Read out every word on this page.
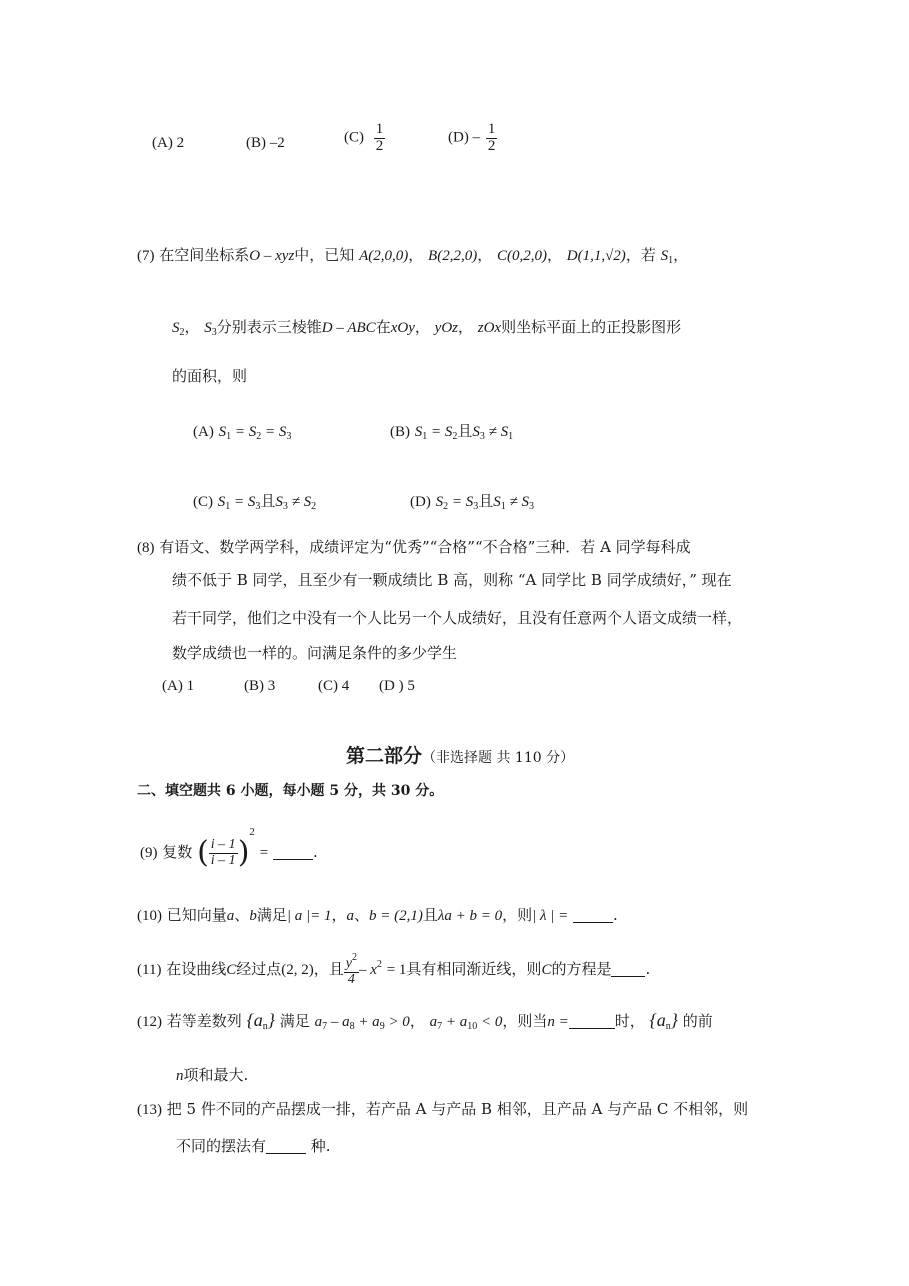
(A) 2	(B) –2	$(C) \frac{1}{2}$	$(D) - \frac{1}{2}$
(7) 在空间坐标系O – xyz中，已知 A(2,0,0)， B(2,2,0)， C(0,2,0)， D(1,1,√2)，若 $S_1$，
$S_2$， $S_3$分别表示三棱锥D – ABC在xOy， yOz， zOx则坐标平面上的正投影图形
的面积，则
(A) $S_1 = S_2 = S_3$	(B) $S_1 = S_2$且$S_3 \ne S_1$
(C) $S_1 = S_3$且$S_3 \ne S_2$	(D) $S_2 = S_3$且$S_1 \ne S_3$
(8) 有语文、数学两学科，成绩评定为“优秀”“合格”“不合格”三种．若 A 同学每科成
绩不低于 B 同学，且至少有一颗成绩比 B 高，则称 “A 同学比 B 同学成绩好，” 现在
若干同学，他们之中没有一个人比另一个人成绩好，且没有任意两个人语文成绩一样，
数学成绩也一样的。问满足条件的多少学生
(A) 1	(B) 3	(C) 4 (D ) 5
第二部分（非选择题 共 110 分）
二、填空题共 6 小题，每小题 5 分，共 30 分。
(9) 复数 ( $\frac{i - 1}{i - 1} )^2$ =	.
(10) 已知向量a、b满足| a |= 1，a、b = (2,1)且λa + b = 0，则| λ | =	.
(11) 在设曲线C经过点(2, 2)，且 $\frac{y^2}{4} - x^2 = 1$具有相同渐近线，则C的方程是 .
(12) 若等差数列 $\{a_n\}$ 满足 $a_7 - a_8 + a_9 > 0$， $a_7 + a_{10} < 0$，则当n =	时， $\{a_n\}$ 的前
n项和最大.
(13) 把 5 件不同的产品摆成一排，若产品 A 与产品 B 相邻，且产品 A 与产品 C 不相邻，则
不同的摆法有	种.
